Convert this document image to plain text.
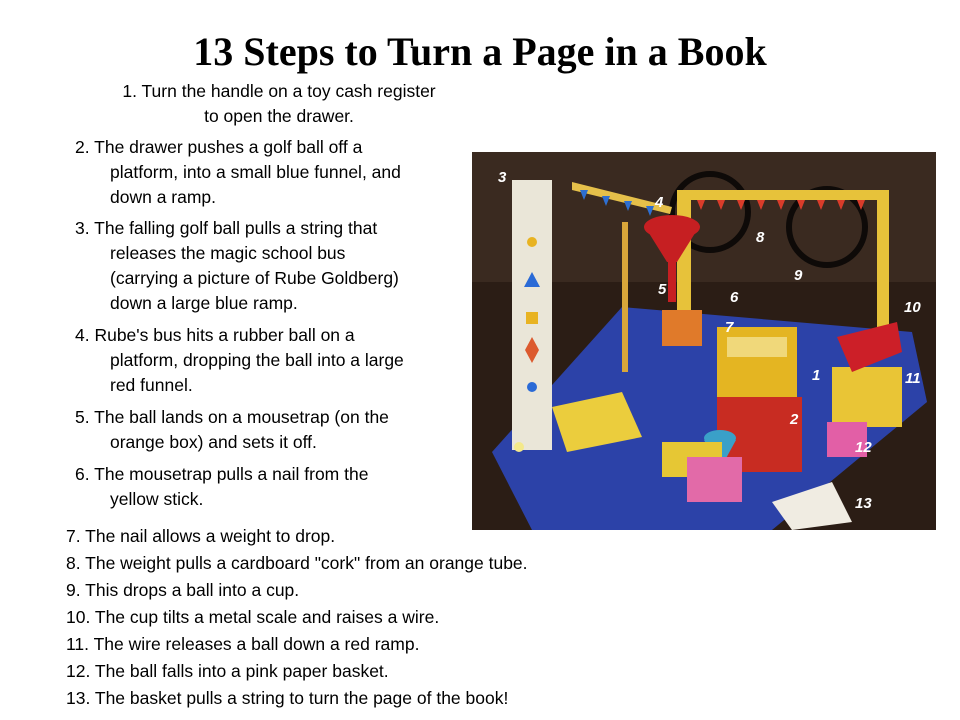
13 Steps to Turn a Page in a Book
1. Turn the handle on a toy cash register
to open the drawer.
2. The drawer pushes a golf ball off a
platform, into a small blue funnel, and
down a ramp.
3. The falling golf ball pulls a string that
releases the magic school bus
(carrying a picture of Rube Goldberg)
down a large blue ramp.
4. Rube's bus hits a rubber ball on a
platform, dropping the ball into a large
red funnel.
5. The ball lands on a mousetrap (on the
orange box) and sets it off.
6. The mousetrap pulls a nail from the
yellow stick.
3
4
8
9
5	6
7
1
2
10
11
12
13
7. The nail allows a weight to drop.
8. The weight pulls a cardboard "cork" from an orange tube.
9. This drops a ball into a cup.
10. The cup tilts a metal scale and raises a wire.
11. The wire releases a ball down a red ramp.
12. The ball falls into a pink paper basket.
13. The basket pulls a string to turn the page of the book!
